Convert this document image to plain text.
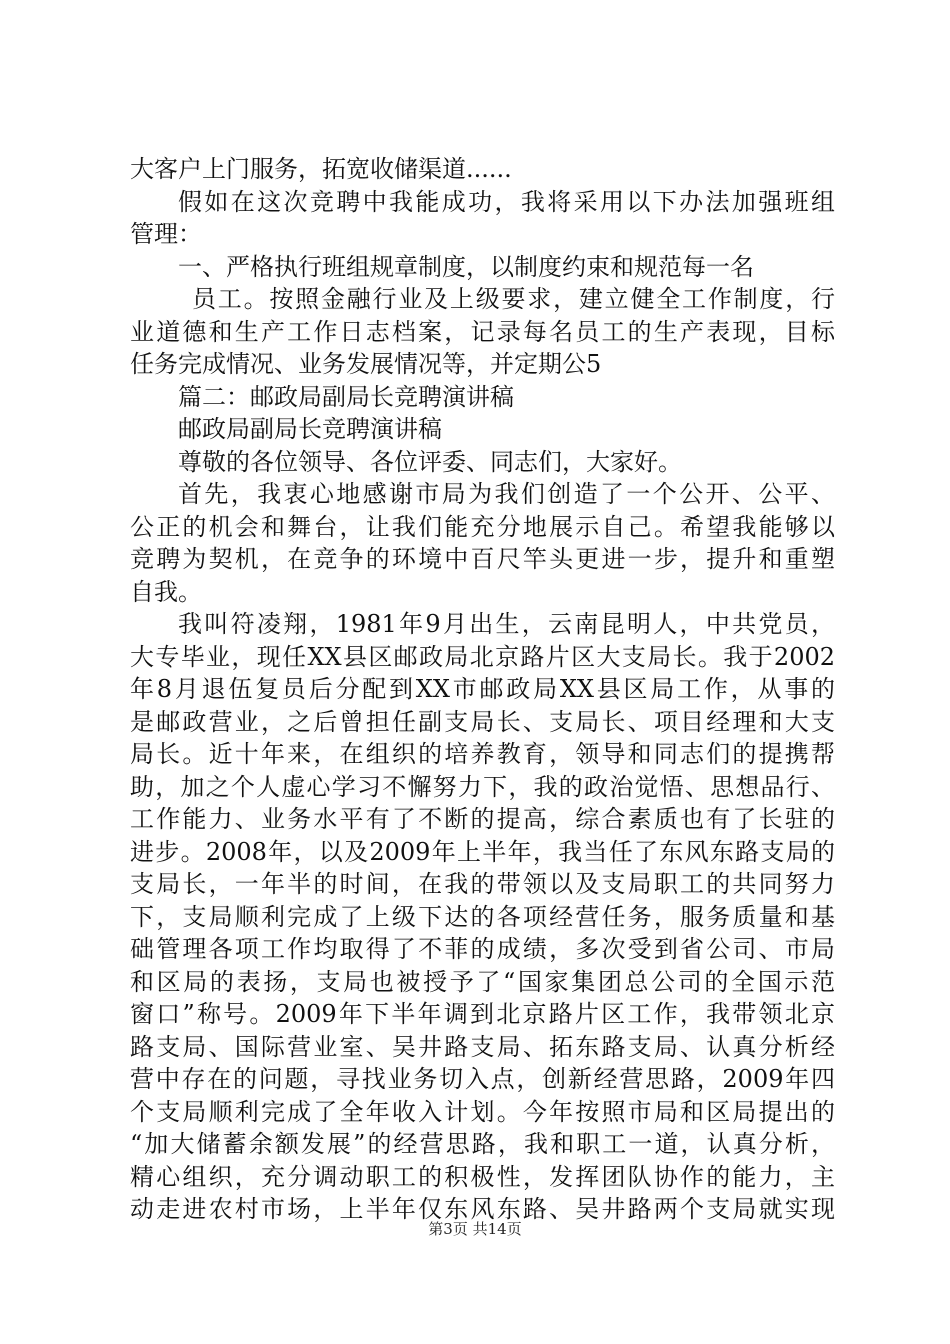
大客户上门服务，拓宽收储渠道......
假如在这次竞聘中我能成功，我将采用以下办法加强班组
管理：
一、严格执行班组规章制度，以制度约束和规范每一名
员工。按照金融行业及上级要求，建立健全工作制度，行
业道德和生产工作日志档案，记录每名员工的生产表现，目标
任务完成情况、业务发展情况等，并定期公5
篇二：邮政局副局长竞聘演讲稿
邮政局副局长竞聘演讲稿
尊敬的各位领导、各位评委、同志们，大家好。
首先，我衷心地感谢市局为我们创造了一个公开、公平、
公正的机会和舞台，让我们能充分地展示自己。希望我能够以
竞聘为契机，在竞争的环境中百尺竿头更进一步，提升和重塑
自我。
我叫符凌翔，1981年9月出生，云南昆明人，中共党员，
大专毕业，现任XX县区邮政局北京路片区大支局长。我于2002
年8月退伍复员后分配到XX市邮政局XX县区局工作，从事的
是邮政营业，之后曾担任副支局长、支局长、项目经理和大支
局长。近十年来，在组织的培养教育，领导和同志们的提携帮
助，加之个人虚心学习不懈努力下，我的政治觉悟、思想品行、
工作能力、业务水平有了不断的提高，综合素质也有了长驻的
进步。2008年，以及2009年上半年，我当任了东风东路支局的
支局长，一年半的时间，在我的带领以及支局职工的共同努力
下，支局顺利完成了上级下达的各项经营任务，服务质量和基
础管理各项工作均取得了不菲的成绩，多次受到省公司、市局
和区局的表扬，支局也被授予了“国家集团总公司的全国示范
窗口”称号。2009年下半年调到北京路片区工作，我带领北京
路支局、国际营业室、吴井路支局、拓东路支局、认真分析经
营中存在的问题，寻找业务切入点，创新经营思路，2009年四
个支局顺利完成了全年收入计划。今年按照市局和区局提出的
“加大储蓄余额发展”的经营思路，我和职工一道，认真分析，
精心组织，充分调动职工的积极性，发挥团队协作的能力，主
动走进农村市场，上半年仅东风东路、吴井路两个支局就实现
第3页 共14页
